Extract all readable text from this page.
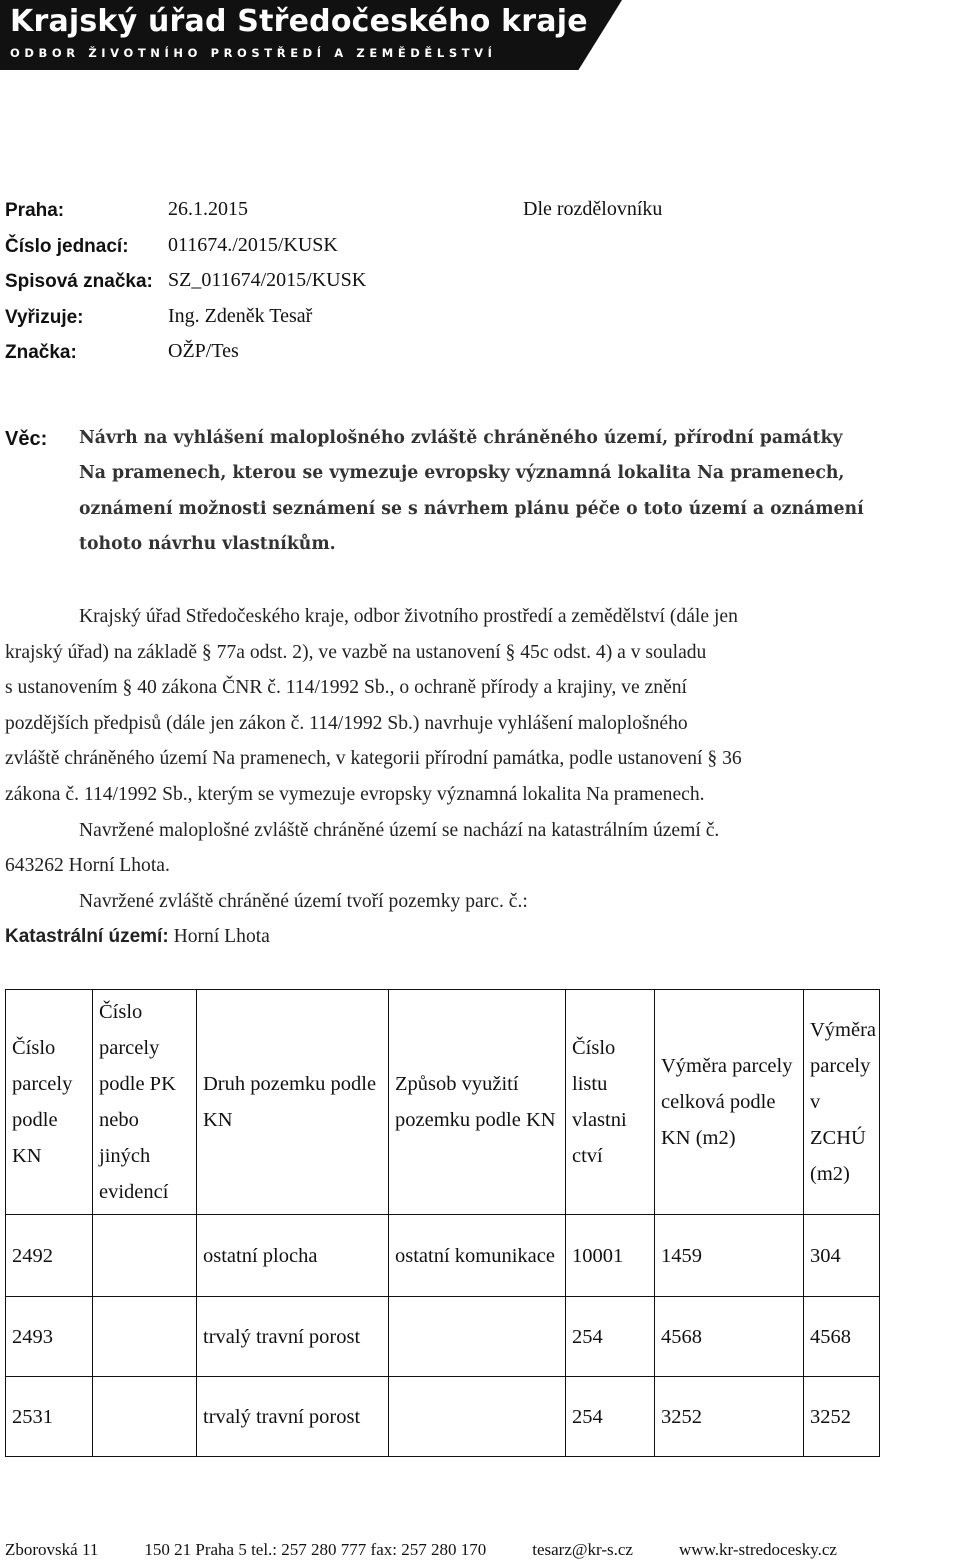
Krajský úřad Středočeského kraje
ODBOR ŽIVOTNÍHO PROSTŘEDÍ A ZEMĚDĚLSTVÍ
Praha:	26.1.2015
Číslo jednací: 011674./2015/KUSK
Spisová značka: SZ_011674/2015/KUSK
Vyřizuje:	Ing. Zdeněk Tesař
Značka:	OŽP/Tes
Dle rozdělovníku
Věc: Návrh na vyhlášení maloplošného zvláště chráněného území, přírodní památky
Na pramenech, kterou se vymezuje evropsky významná lokalita Na pramenech,
oznámení možnosti seznámení se s návrhem plánu péče o toto území a oznámení
tohoto návrhu vlastníkům.
Krajský úřad Středočeského kraje, odbor životního prostředí a zemědělství (dále jen
krajský úřad) na základě § 77a odst. 2), ve vazbě na ustanovení § 45c odst. 4) a v souladu
s ustanovením § 40 zákona ČNR č. 114/1992 Sb., o ochraně přírody a krajiny, ve znění
pozdějších předpisů (dále jen zákon č. 114/1992 Sb.) navrhuje vyhlášení maloplošného
zvláště chráněného území Na pramenech, v kategorii přírodní památka, podle ustanovení § 36
zákona č. 114/1992 Sb., kterým se vymezuje evropsky významná lokalita Na pramenech.
Navržené maloplošné zvláště chráněné území se nachází na katastrálním území č.
643262 Horní Lhota.
Navržené zvláště chráněné území tvoří pozemky parc. č.:
Katastrální území:
Horní Lhota
Číslo parcely podle KN	Číslo parcely podle PK nebo jiných evidencí	Druh pozemku podle KN	Způsob využití pozemku podle KN	Číslo listu vlastni ctví	Výměra parcely celková podle KN (m2)	Výměra parcely v ZCHÚ (m2)
2492		ostatní plocha	ostatní komunikace	10001	1459	304
2493		trvalý travní porost		254	4568	4568
2531		trvalý travní porost		254	3252	3252
Zborovská 11	150 21 Praha 5 tel.: 257 280 777 fax: 257 280 170	tesarz@kr-s.cz	www.kr-stredocesky.cz
